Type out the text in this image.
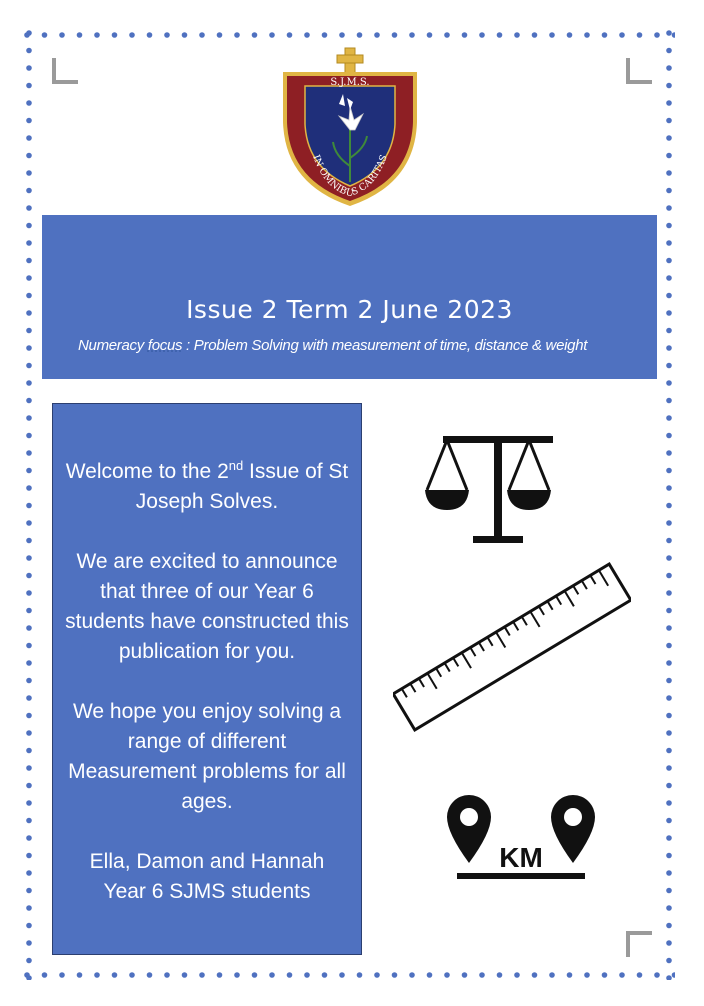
S.J.M.S.
IN OMNIBUS CARITAS
Issue 2 Term 2 June 2023
Numeracy focus : Problem Solving with measurement of time, distance & weight

Welcome to the 2nd Issue of St Joseph Solves.

We are excited to announce that three of our Year 6 students have constructed this publication for you.

We hope you enjoy solving a range of different Measurement problems for all ages.

Ella, Damon and Hannah
Year 6 SJMS students

KM
